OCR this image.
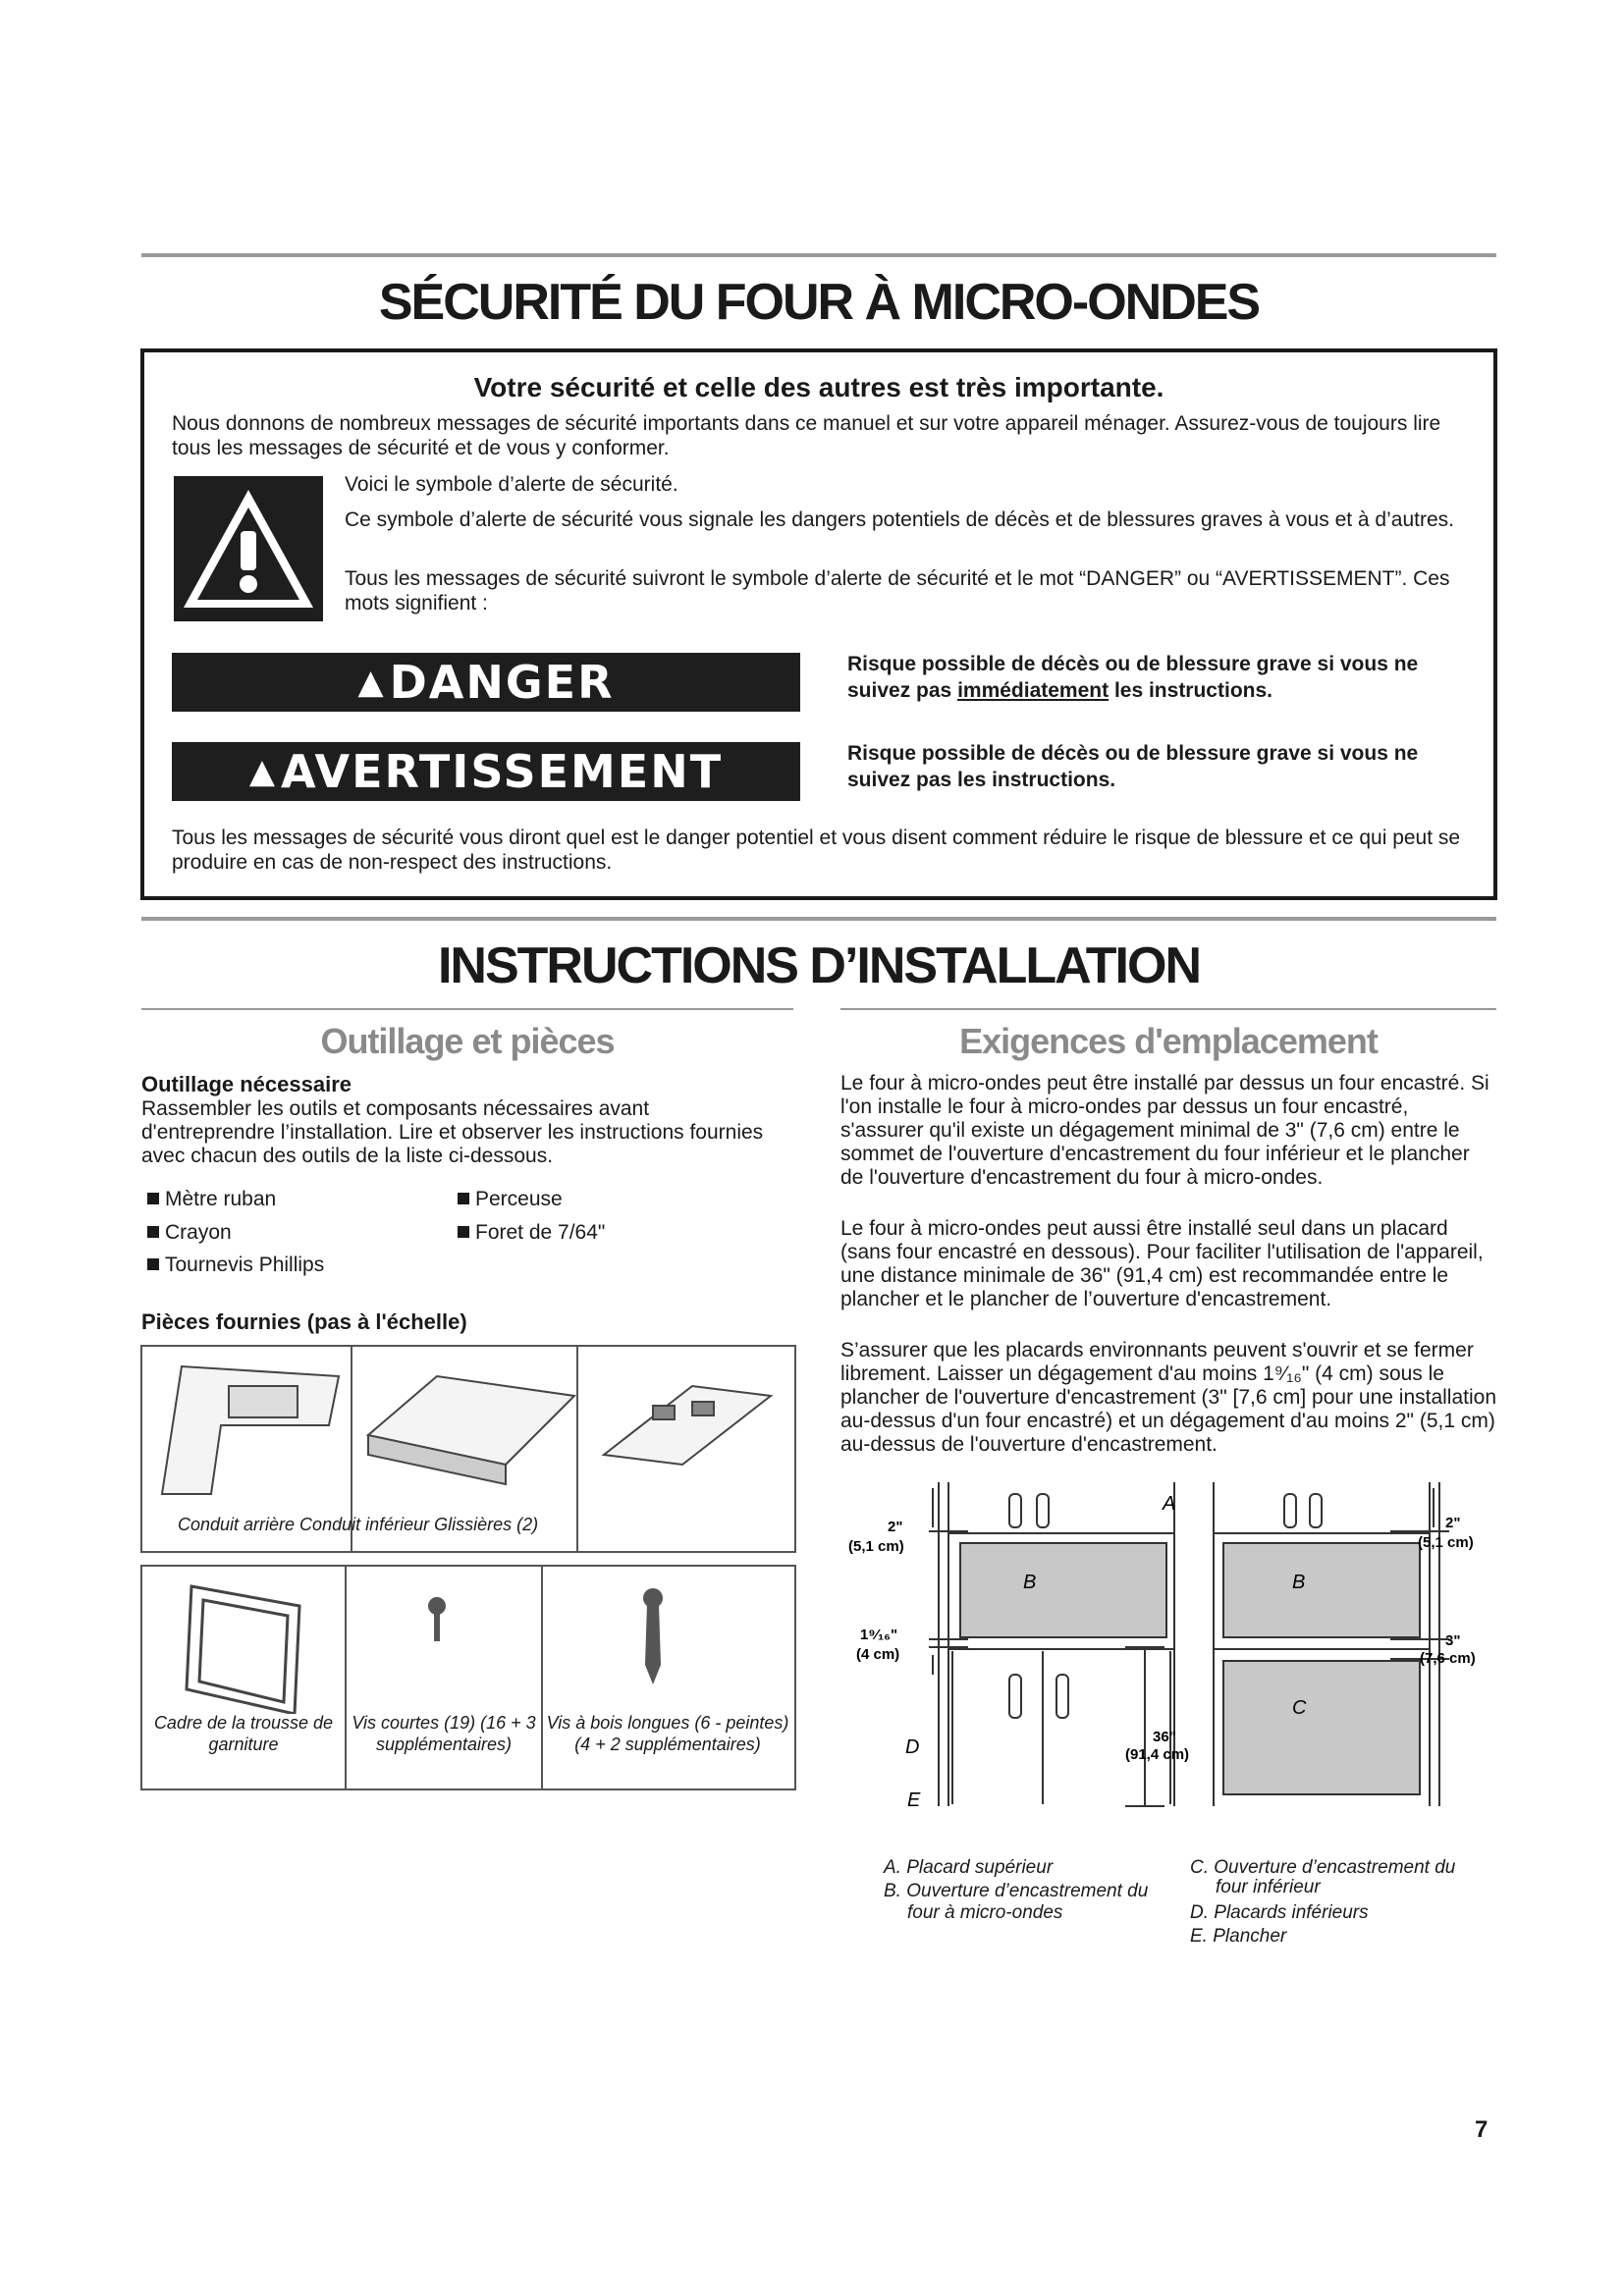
SÉCURITÉ DU FOUR À MICRO-ONDES
Votre sécurité et celle des autres est très importante.
Nous donnons de nombreux messages de sécurité importants dans ce manuel et sur votre appareil ménager. Assurez-vous de toujours lire tous les messages de sécurité et de vous y conformer.
Voici le symbole d’alerte de sécurité.
Ce symbole d’alerte de sécurité vous signale les dangers potentiels de décès et de blessures graves à vous et à d’autres.
Tous les messages de sécurité suivront le symbole d’alerte de sécurité et le mot “DANGER” ou “AVERTISSEMENT”. Ces mots signifient :
▲ DANGER	Risque possible de décès ou de blessure grave si vous ne suivez pas immédiatement les instructions.
▲ AVERTISSEMENT	Risque possible de décès ou de blessure grave si vous ne suivez pas les instructions.
Tous les messages de sécurité vous diront quel est le danger potentiel et vous disent comment réduire le risque de blessure et ce qui peut se produire en cas de non-respect des instructions.
INSTRUCTIONS D’INSTALLATION
Outillage et pièces
Outillage nécessaire
Rassembler les outils et composants nécessaires avant d'entreprendre l’installation. Lire et observer les instructions fournies avec chacun des outils de la liste ci-dessous.
Mètre ruban
Crayon
Tournevis Phillips
Perceuse
Foret de 7/64"
Pièces fournies (pas à l'échelle)
Conduit arrière Conduit inférieur Glissières (2)
Cadre de la trousse de garniture
Vis courtes (19) (16 + 3 supplémentaires)
Vis à bois longues (6 - peintes) (4 + 2 supplémentaires)
Exigences d'emplacement
Le four à micro-ondes peut être installé par dessus un four encastré. Si l'on installe le four à micro-ondes par dessus un four encastré, s'assurer qu'il existe un dégagement minimal de 3" (7,6 cm) entre le sommet de l'ouverture d'encastrement du four inférieur et le plancher de l'ouverture d'encastrement du four à micro-ondes.
Le four à micro-ondes peut aussi être installé seul dans un placard (sans four encastré en dessous). Pour faciliter l'utilisation de l'appareil, une distance minimale de 36" (91,4 cm) est recommandée entre le plancher et le plancher de l’ouverture d'encastrement.
S’assurer que les placards environnants peuvent s'ouvrir et se fermer librement. Laisser un dégagement d'au moins 1⁹⁄₁₆" (4 cm) sous le plancher de l'ouverture d'encastrement (3" [7,6 cm] pour une installation au-dessus d'un four encastré) et un dégagement d'au moins 2" (5,1 cm) au-dessus de l'ouverture d'encastrement.
2"
(5,1 cm)
1⁹⁄₁₆"
(4 cm)
36"
(91,4 cm)
2"
(5,1 cm)
3"
(7,6 cm)
A
B	B
C
D
E
A. Placard supérieur
B. Ouverture d’encastrement du
four à micro-ondes
C. Ouverture d’encastrement du
four inférieur
D. Placards inférieurs
E. Plancher
7
